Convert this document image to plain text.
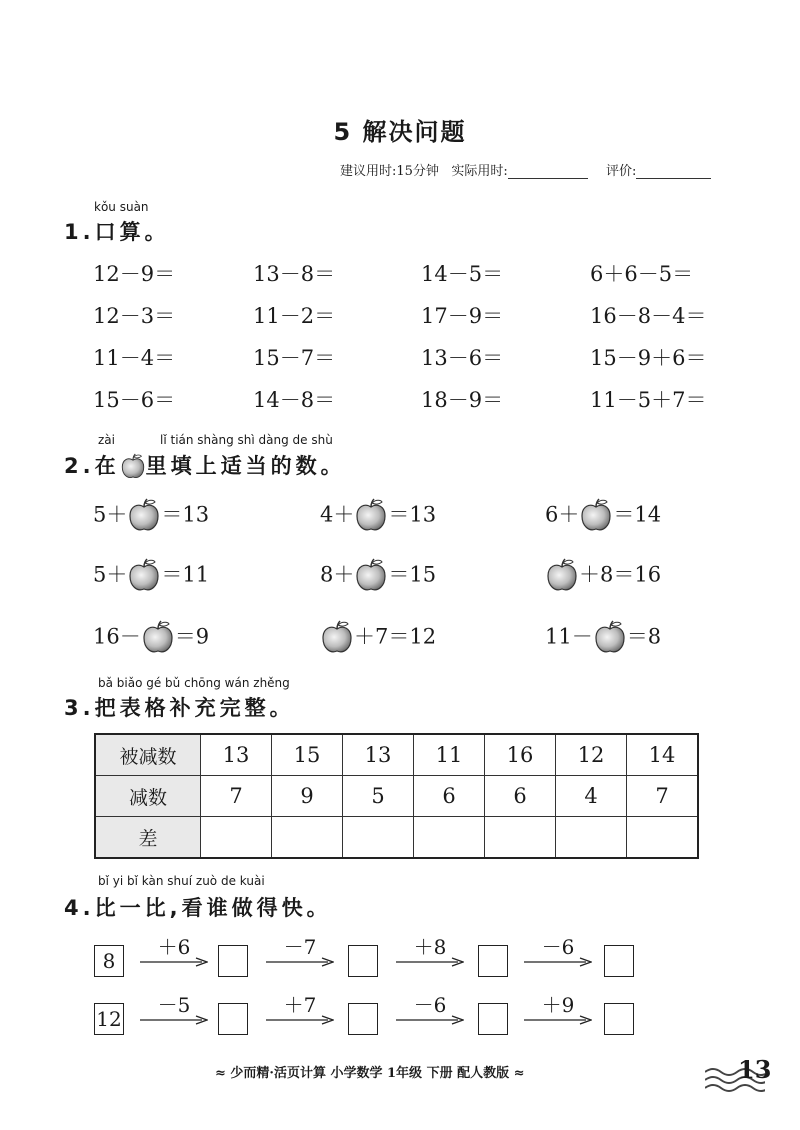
5 解决问题
建议用时:15分钟 实际用时:	评价:
kǒu suàn
1.口算。
12－9＝	13－8＝	14－5＝	6＋6－5＝
12－3＝	11－2＝	17－9＝	16－8－4＝
11－4＝	15－7＝	13－6＝	15－9＋6＝
15－6＝	14－8＝	18－9＝	11－5＋7＝
zài	lǐ tián shàng shì dàng de shù
2.在 里填上适当的数。
5＋ ＝13	4＋ ＝13	6＋ ＝14
5＋ ＝11	8＋ ＝15	＋8＝16
16－ ＝9	＋7＝12	11－ ＝8
bǎ biǎo gé bǔ chōng wán zhěng
3.把表格补充完整。
被减数	13	15	13	11	16	12	14
减数	7	9	5	6	6	4	7
差							
bǐ yi bǐ kàn shuí zuò de kuài
4.比一比,看谁做得快。
8
＋6	－7	＋8	－6
12
－5	＋7	－6	＋9
≈ 少而精·活页计算 小学数学 1年级 下册 配人教版 ≈	13
